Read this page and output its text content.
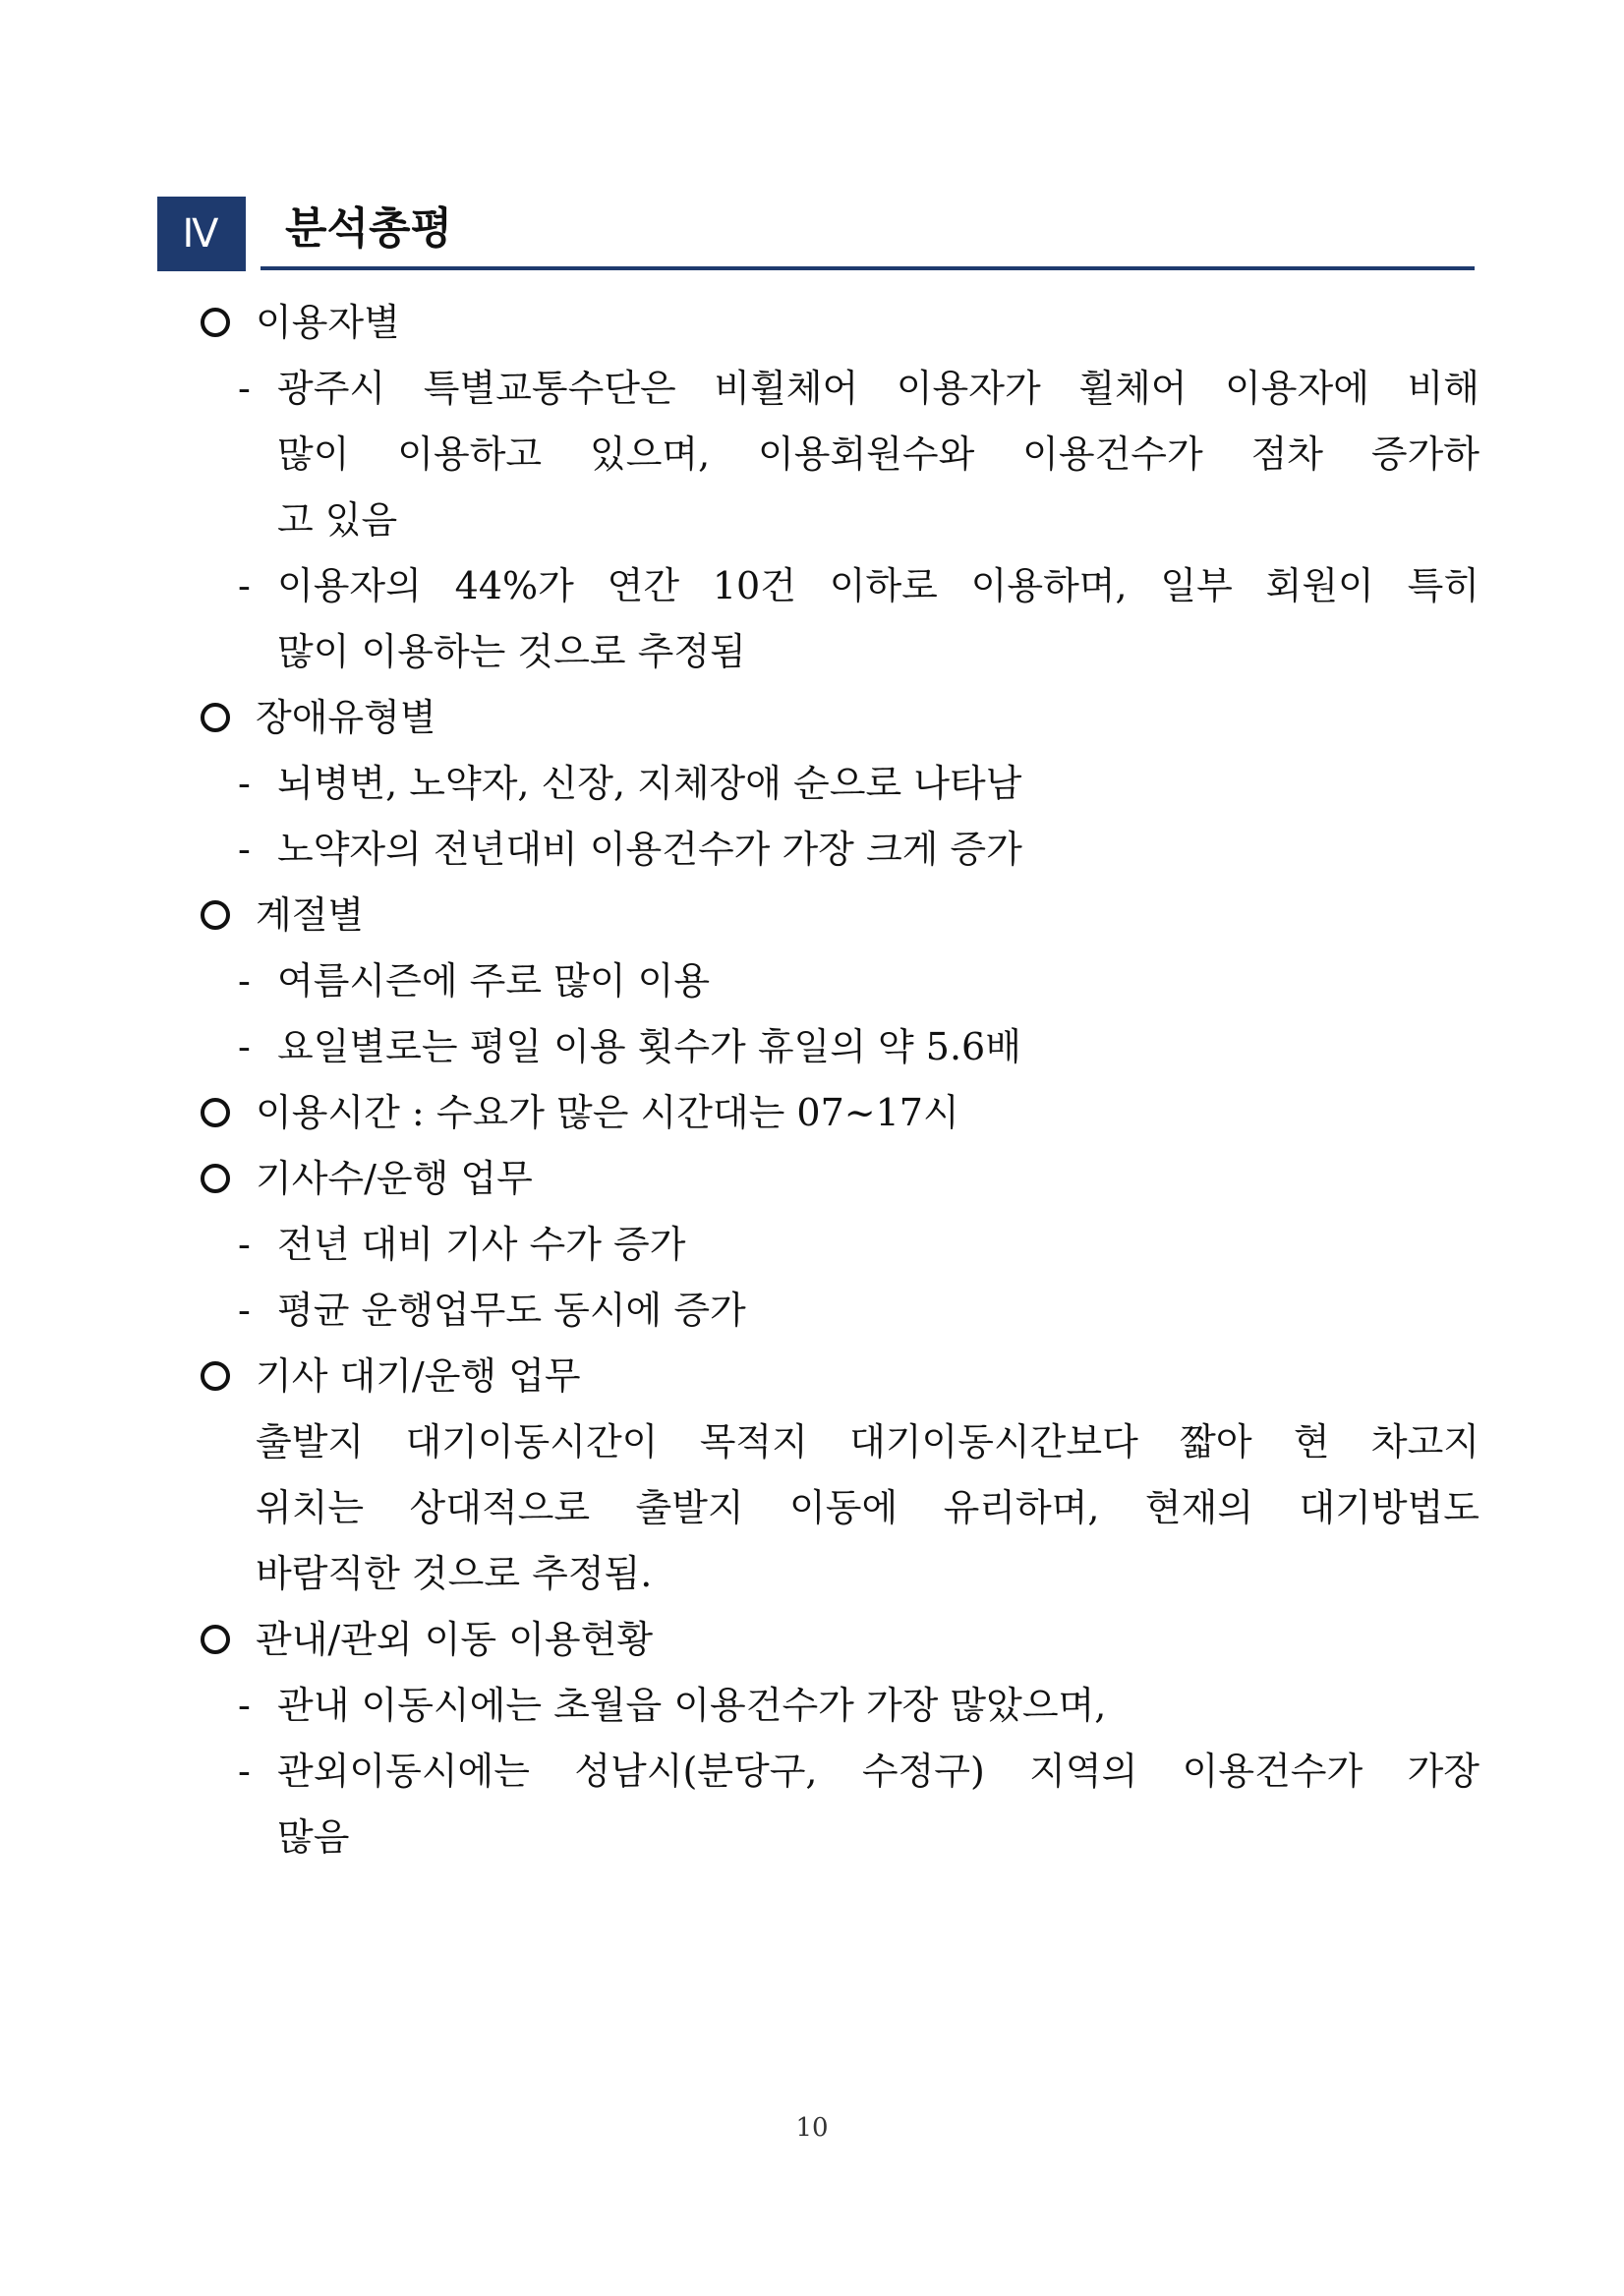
Ⅳ	분석총평
이용자별
- 광주시 특별교통수단은 비휠체어 이용자가 휠체어 이용자에 비해
많이 이용하고 있으며, 이용회원수와 이용건수가 점차 증가하
고 있음
- 이용자의 44%가 연간 10건 이하로 이용하며, 일부 회원이 특히
많이 이용하는 것으로 추정됨
장애유형별
- 뇌병변, 노약자, 신장, 지체장애 순으로 나타남
- 노약자의 전년대비 이용건수가 가장 크게 증가
계절별
- 여름시즌에 주로 많이 이용
- 요일별로는 평일 이용 횟수가 휴일의 약 5.6배
이용시간 : 수요가 많은 시간대는 07~17시
기사수/운행 업무
- 전년 대비 기사 수가 증가
- 평균 운행업무도 동시에 증가
기사 대기/운행 업무
출발지 대기이동시간이 목적지 대기이동시간보다 짧아 현 차고지
위치는 상대적으로 출발지 이동에 유리하며, 현재의 대기방법도
바람직한 것으로 추정됨.
관내/관외 이동 이용현황
- 관내 이동시에는 초월읍 이용건수가 가장 많았으며,
- 관외이동시에는 성남시(분당구, 수정구) 지역의 이용건수가 가장
많음
10
